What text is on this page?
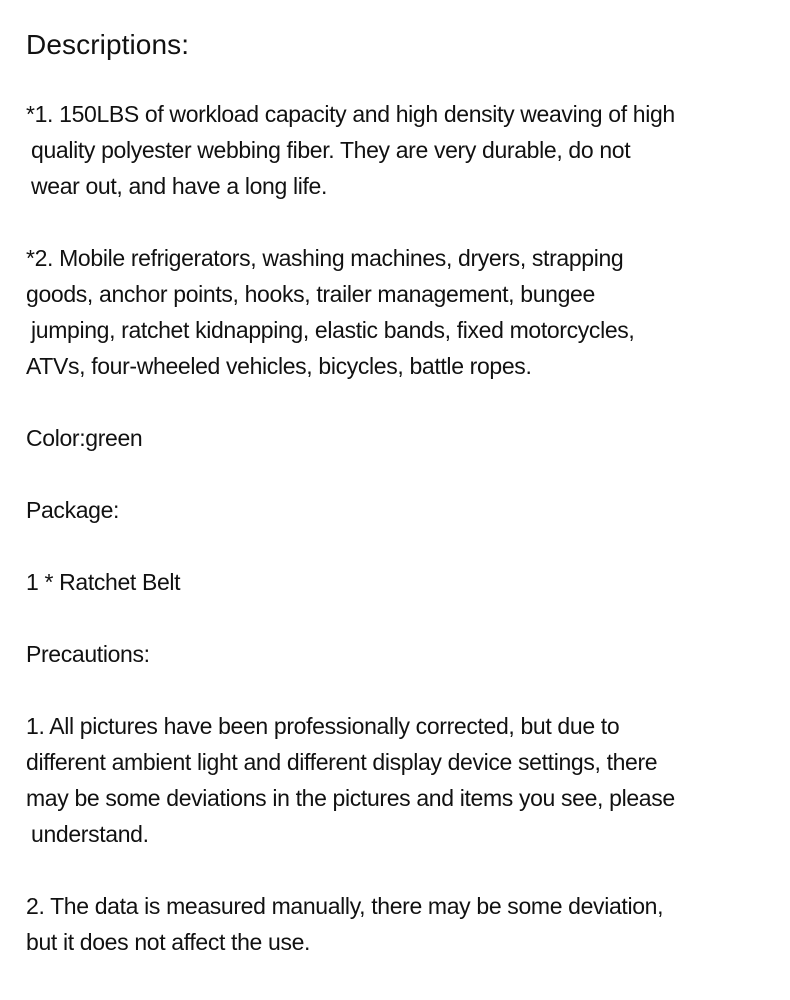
Descriptions:

*1. 150LBS of workload capacity and high density weaving of high
quality polyester webbing fiber. They are very durable, do not
wear out, and have a long life.

*2. Mobile refrigerators, washing machines, dryers, strapping
goods, anchor points, hooks, trailer management, bungee
jumping, ratchet kidnapping, elastic bands, fixed motorcycles,
ATVs, four-wheeled vehicles, bicycles, battle ropes.

Color:green

Package:

1 * Ratchet Belt

Precautions:

1. All pictures have been professionally corrected, but due to
different ambient light and different display device settings, there
may be some deviations in the pictures and items you see, please
understand.

2. The data is measured manually, there may be some deviation,
but it does not affect the use.
